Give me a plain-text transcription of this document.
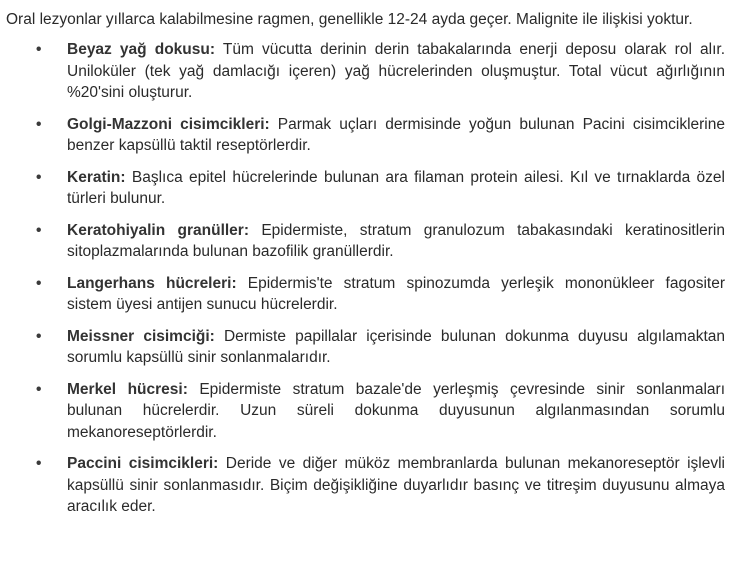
Oral lezyonlar yıllarca kalabilmesine ragmen, genellikle 12-24 ayda geçer. Malignite ile ilişkisi yoktur.

• Beyaz yağ dokusu: Tüm vücutta derinin derin tabakalarında enerji deposu olarak rol alır. Uniloküler (tek yağ damlacığı içeren) yağ hücrelerinden oluşmuştur. Total vücut ağırlığının %20'sini oluşturur.
• Golgi-Mazzoni cisimcikleri: Parmak uçları dermisinde yoğun bulunan Pacini cisimciklerine benzer kapsüllü taktil reseptörlerdir.
• Keratin: Başlıca epitel hücrelerinde bulunan ara filaman protein ailesi. Kıl ve tırnaklarda özel türleri bulunur.
• Keratohiyalin granüller: Epidermiste, stratum granulozum tabakasındaki keratinositlerin sitoplazmalarında bulunan bazofilik granüllerdir.
• Langerhans hücreleri: Epidermis'te stratum spinozumda yerleşik mononükleer fagositer sistem üyesi antijen sunucu hücrelerdir.
• Meissner cisimciği: Dermiste papillalar içerisinde bulunan dokunma duyusu algılamaktan sorumlu kapsüllü sinir sonlanmalarıdır.
• Merkel hücresi: Epidermiste stratum bazale'de yerleşmiş çevresinde sinir sonlanmaları bulunan hücrelerdir. Uzun süreli dokunma duyusunun algılanmasından sorumlu mekanoreseptörlerdir.
• Paccini cisimcikleri: Deride ve diğer müköz membranlarda bulunan mekanoreseptör işlevli kapsüllü sinir sonlanmasıdır. Biçim değişikliğine duyarlıdır basınç ve titreşim duyusunu almaya aracılık eder.
